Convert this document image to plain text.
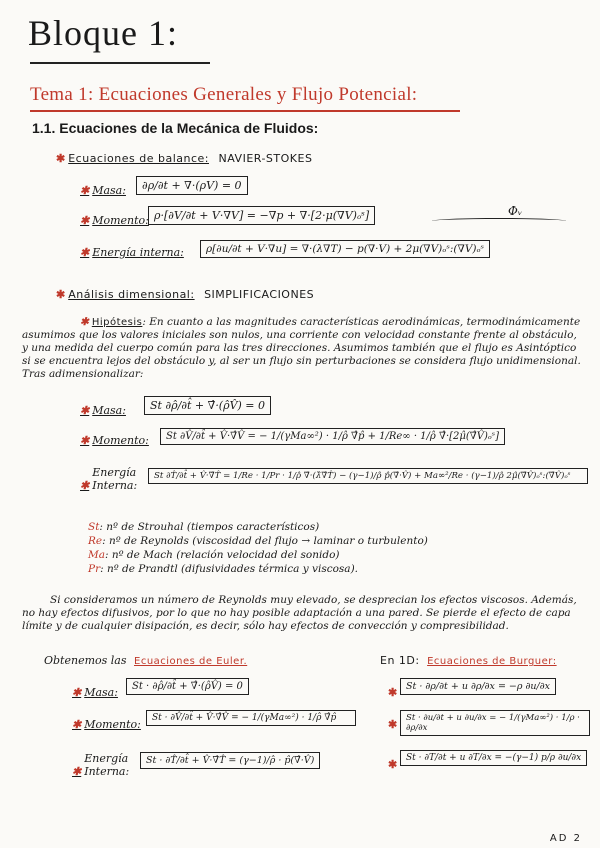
Bloque 1:
Tema 1: Ecuaciones Generales y Flujo Potencial:
1.1. Ecuaciones de la Mecánica de Fluidos:
✱ Ecuaciones de balance: NAVIER-STOKES
✱ Masa:	∂ρ/∂t + ∇·(ρV) = 0
Φᵥ
✱ Momento: ρ·[∂V/∂t + V·∇V] = −∇p + ∇·[2·μ(∇V)ₒˢ]
✱ Energía interna:	ρ[∂u/∂t + V·∇u] = ∇·(λ∇T) − p(∇·V) + 2μ(∇V)ₒˢ:(∇V)ₒˢ
✱ Análisis dimensional: SIMPLIFICACIONES
✱ Hipótesis: En cuanto a las magnitudes características aerodinámicas, termodinámicamente asumimos que los valores iniciales son nulos, una corriente con velocidad constante frente al obstáculo, y una medida del cuerpo común para las tres direcciones. Asumimos también que el flujo es Asintóptico si se encuentra lejos del obstáculo y, al ser un flujo sin perturbaciones se considera flujo unidimensional. Tras adimensionalizar:
✱ Masa:	St ∂ρ̂/∂t̂ + ∇̂·(ρ̂V̂) = 0
✱ Momento:	St ∂V̂/∂t̂ + V̂·∇̂V̂ = − 1/(γMa∞²) · 1/ρ̂ ∇̂p̂ + 1/Re∞ · 1/ρ̂ ∇̂·[2μ̂(∇̂V̂)ₒˢ]
✱Energía Interna:
St ∂T̂/∂t̂ + V̂·∇̂T̂ = 1/Re · 1/Pr · 1/ρ̂ ∇̂·(λ̂∇̂T̂) − (γ−1)/ρ̂ p̂(∇̂·V̂) + Ma∞²/Re · (γ−1)/ρ̂ 2μ̂(∇̂V̂)ₒˢ:(∇̂V̂)ₒˢ
St: nº de Strouhal (tiempos característicos)
Re: nº de Reynolds (viscosidad del flujo → laminar o turbulento)
Ma: nº de Mach (relación velocidad del sonido)
Pr: nº de Prandtl (difusividades térmica y viscosa).
Si consideramos un número de Reynolds muy elevado, se desprecian los efectos viscosos. Además, no hay efectos difusivos, por lo que no hay posible adaptación a una pared. Se pierde el efecto de capa límite y de cualquier disipación, es decir, sólo hay efectos de convección y compresibilidad.
Obtenemos las Ecuaciones de Euler.	En 1D: Ecuaciones de Burguer:
✱ Masa:	St · ∂ρ̂/∂t̂ + ∇̂·(ρ̂V̂) = 0
✱ Momento:	St · ∂V̂/∂t̂ + V̂·∇̂V̂ = − 1/(γMa∞²) · 1/ρ̂ ∇̂p̂
✱Energía Interna:
St · ∂T̂/∂t̂ + V̂·∇̂T̂ = (γ−1)/ρ̂ · p̂(∇̂·V̂)
✱ St · ∂ρ/∂t + u ∂ρ/∂x = −ρ ∂u/∂x
✱	St · ∂u/∂t + u ∂u/∂x = − 1/(γMa∞²) · 1/ρ · ∂ρ/∂x
✱ St · ∂T/∂t + u ∂T/∂x = −(γ−1) p/ρ ∂u/∂x
AD 2
